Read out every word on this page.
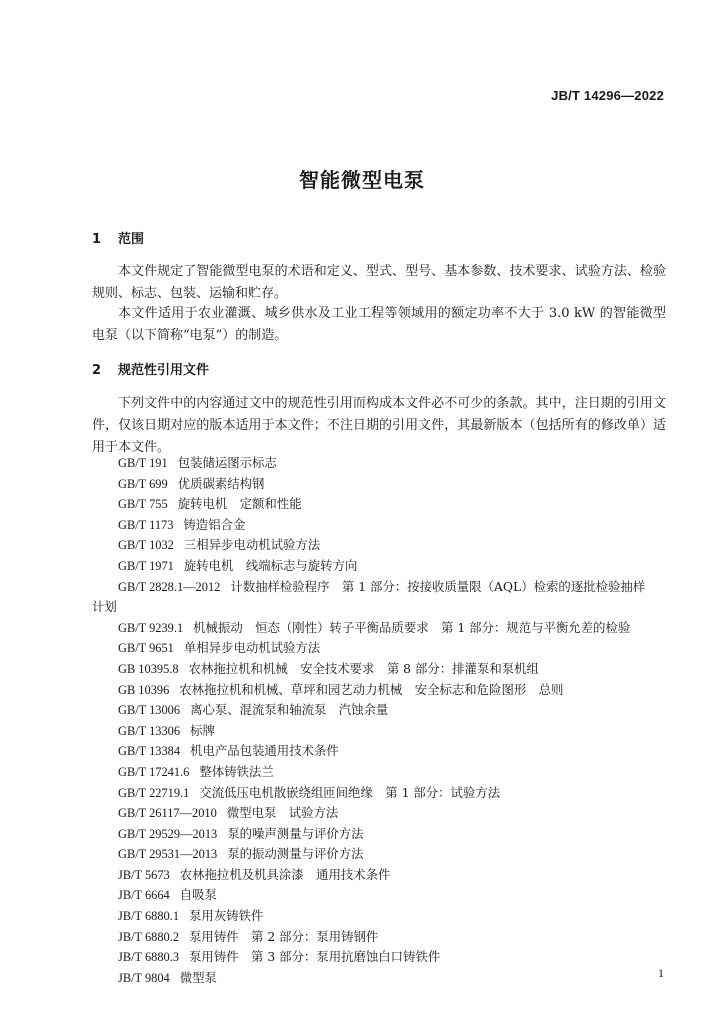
JB/T 14296—2022
智能微型电泵
1 范围
本文件规定了智能微型电泵的术语和定义、型式、型号、基本参数、技术要求、试验方法、检验规则、标志、包装、运输和贮存。
本文件适用于农业灌溉、城乡供水及工业工程等领域用的额定功率不大于 3.0 kW 的智能微型电泵（以下简称“电泵”）的制造。
2 规范性引用文件
下列文件中的内容通过文中的规范性引用而构成本文件必不可少的条款。其中，注日期的引用文件，仅该日期对应的版本适用于本文件；不注日期的引用文件，其最新版本（包括所有的修改单）适用于本文件。
GB/T 191 包装储运图示标志
GB/T 699 优质碳素结构钢
GB/T 755 旋转电机　定额和性能
GB/T 1173 铸造铝合金
GB/T 1032 三相异步电动机试验方法
GB/T 1971 旋转电机　线端标志与旋转方向
GB/T 2828.1—2012 计数抽样检验程序　第 1 部分：按接收质量限（AQL）检索的逐批检验抽样
计划
GB/T 9239.1 机械振动　恒态（刚性）转子平衡品质要求　第 1 部分：规范与平衡允差的检验
GB/T 9651 单相异步电动机试验方法
GB 10395.8 农林拖拉机和机械　安全技术要求　第 8 部分：排灌泵和泵机组
GB 10396 农林拖拉机和机械、草坪和园艺动力机械　安全标志和危险图形　总则
GB/T 13006 离心泵、混流泵和轴流泵　汽蚀余量
GB/T 13306 标牌
GB/T 13384 机电产品包装通用技术条件
GB/T 17241.6 整体铸铁法兰
GB/T 22719.1 交流低压电机散嵌绕组匝间绝缘　第 1 部分：试验方法
GB/T 26117—2010 微型电泵　试验方法
GB/T 29529—2013 泵的噪声测量与评价方法
GB/T 29531—2013 泵的振动测量与评价方法
JB/T 5673 农林拖拉机及机具涂漆　通用技术条件
JB/T 6664 自吸泵
JB/T 6880.1 泵用灰铸铁件
JB/T 6880.2 泵用铸件　第 2 部分：泵用铸钢件
JB/T 6880.3 泵用铸件　第 3 部分：泵用抗磨蚀白口铸铁件
JB/T 9804 微型泵	1
